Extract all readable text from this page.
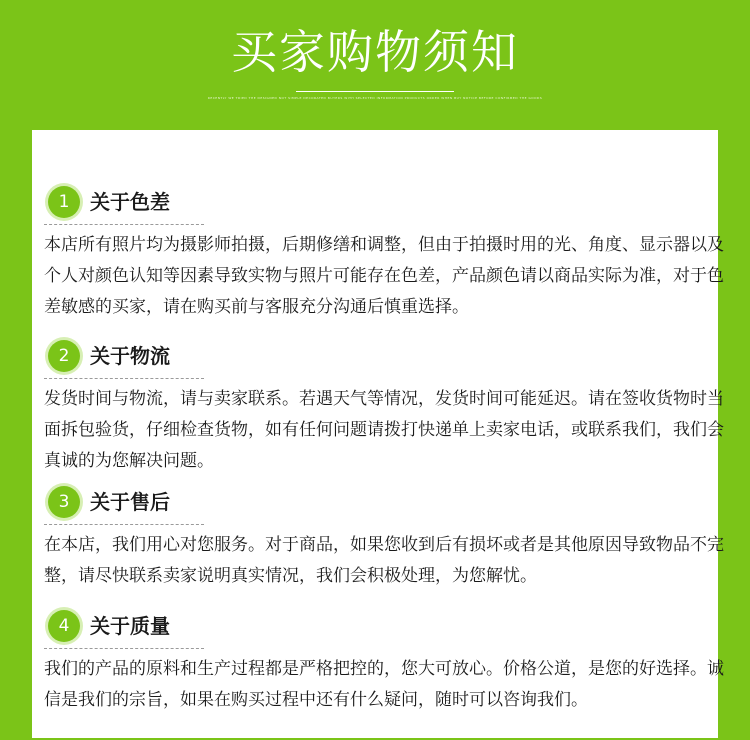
买家购物须知
RECENTLY WE TRIED THE DESIGNED NOT SIMPLE DECORATED BUYERS WITH SELECTED INFORMATION PRODUCTS ORDER WHEN BUY NOTICE BEFORE CONFIRMED THE GOODS
1	关于色差
本店所有照片均为摄影师拍摄，后期修缮和调整，但由于拍摄时用的光、角度、显示器以及个人对颜色认知等因素导致实物与照片可能存在色差，产品颜色请以商品实际为准，对于色差敏感的买家，请在购买前与客服充分沟通后慎重选择。
2	关于物流
发货时间与物流，请与卖家联系。若遇天气等情况，发货时间可能延迟。请在签收货物时当面拆包验货，仔细检查货物，如有任何问题请拨打快递单上卖家电话，或联系我们，我们会真诚的为您解决问题。
3	关于售后
在本店，我们用心对您服务。对于商品，如果您收到后有损坏或者是其他原因导致物品不完整，请尽快联系卖家说明真实情况，我们会积极处理，为您解忧。
4	关于质量
我们的产品的原料和生产过程都是严格把控的，您大可放心。价格公道，是您的好选择。诚信是我们的宗旨，如果在购买过程中还有什么疑问，随时可以咨询我们。
